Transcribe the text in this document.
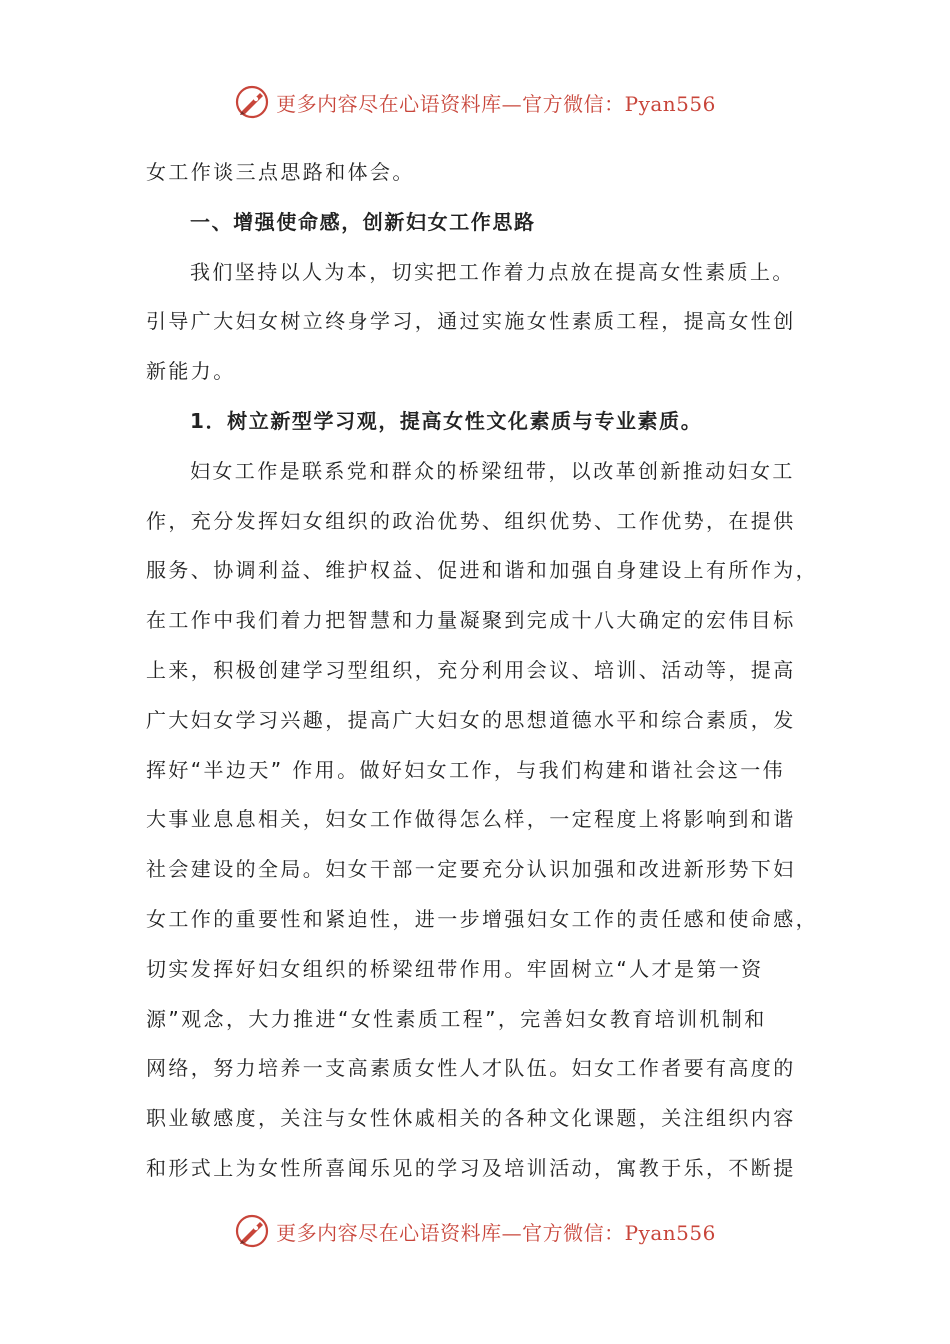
更多内容尽在心语资料库—官方微信：Pyan556
女工作谈三点思路和体会。
一、增强使命感，创新妇女工作思路
我们坚持以人为本，切实把工作着力点放在提高女性素质上。
引导广大妇女树立终身学习，通过实施女性素质工程，提高女性创
新能力。
1．树立新型学习观，提高女性文化素质与专业素质。
妇女工作是联系党和群众的桥梁纽带，以改革创新推动妇女工
作，充分发挥妇女组织的政治优势、组织优势、工作优势，在提供
服务、协调利益、维护权益、促进和谐和加强自身建设上有所作为，
在工作中我们着力把智慧和力量凝聚到完成十八大确定的宏伟目标
上来，积极创建学习型组织，充分利用会议、培训、活动等，提高
广大妇女学习兴趣，提高广大妇女的思想道德水平和综合素质，发
挥好“半边天” 作用。做好妇女工作，与我们构建和谐社会这一伟
大事业息息相关，妇女工作做得怎么样，一定程度上将影响到和谐
社会建设的全局。妇女干部一定要充分认识加强和改进新形势下妇
女工作的重要性和紧迫性，进一步增强妇女工作的责任感和使命感，
切实发挥好妇女组织的桥梁纽带作用。牢固树立“人才是第一资
源”观念，大力推进“女性素质工程”，完善妇女教育培训机制和
网络，努力培养一支高素质女性人才队伍。妇女工作者要有高度的
职业敏感度，关注与女性休戚相关的各种文化课题，关注组织内容
和形式上为女性所喜闻乐见的学习及培训活动，寓教于乐，不断提
更多内容尽在心语资料库—官方微信：Pyan556
